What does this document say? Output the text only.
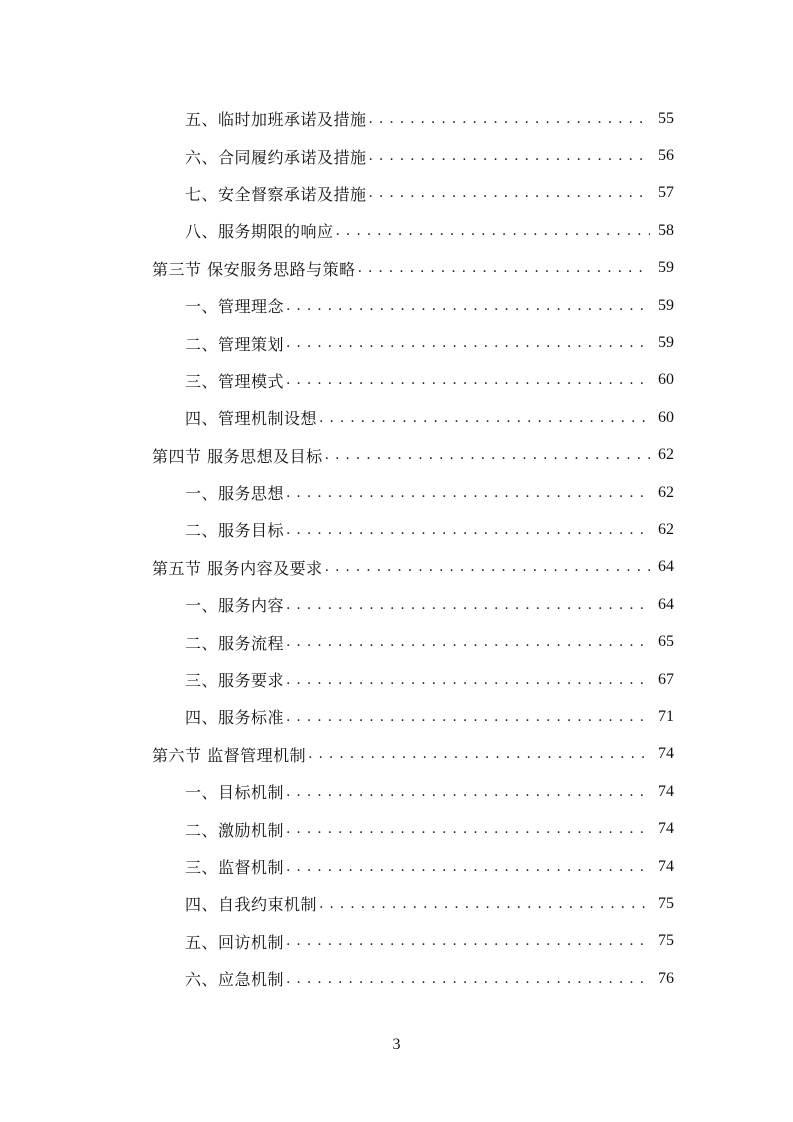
五、临时加班承诺及措施 . . .	55
六、合同履约承诺及措施 . . .	56
七、安全督察承诺及措施 . . .	57
八、服务期限的响应 . . .	58
第三节 保安服务思路与策略 . . .	59
一、管理理念 . . .	59
二、管理策划 . . .	59
三、管理模式 . . .	60
四、管理机制设想 . . .	60
第四节 服务思想及目标 . . .	62
一、服务思想 . . .	62
二、服务目标 . . .	62
第五节 服务内容及要求 . . .	64
一、服务内容 . . .	64
二、服务流程 . . .	65
三、服务要求 . . .	67
四、服务标准 . . .	71
第六节 监督管理机制 . . .	74
一、目标机制 . . .	74
二、激励机制 . . .	74
三、监督机制 . . .	74
四、自我约束机制 . . .	75
五、回访机制 . . .	75
六、应急机制 . . .	76
3
